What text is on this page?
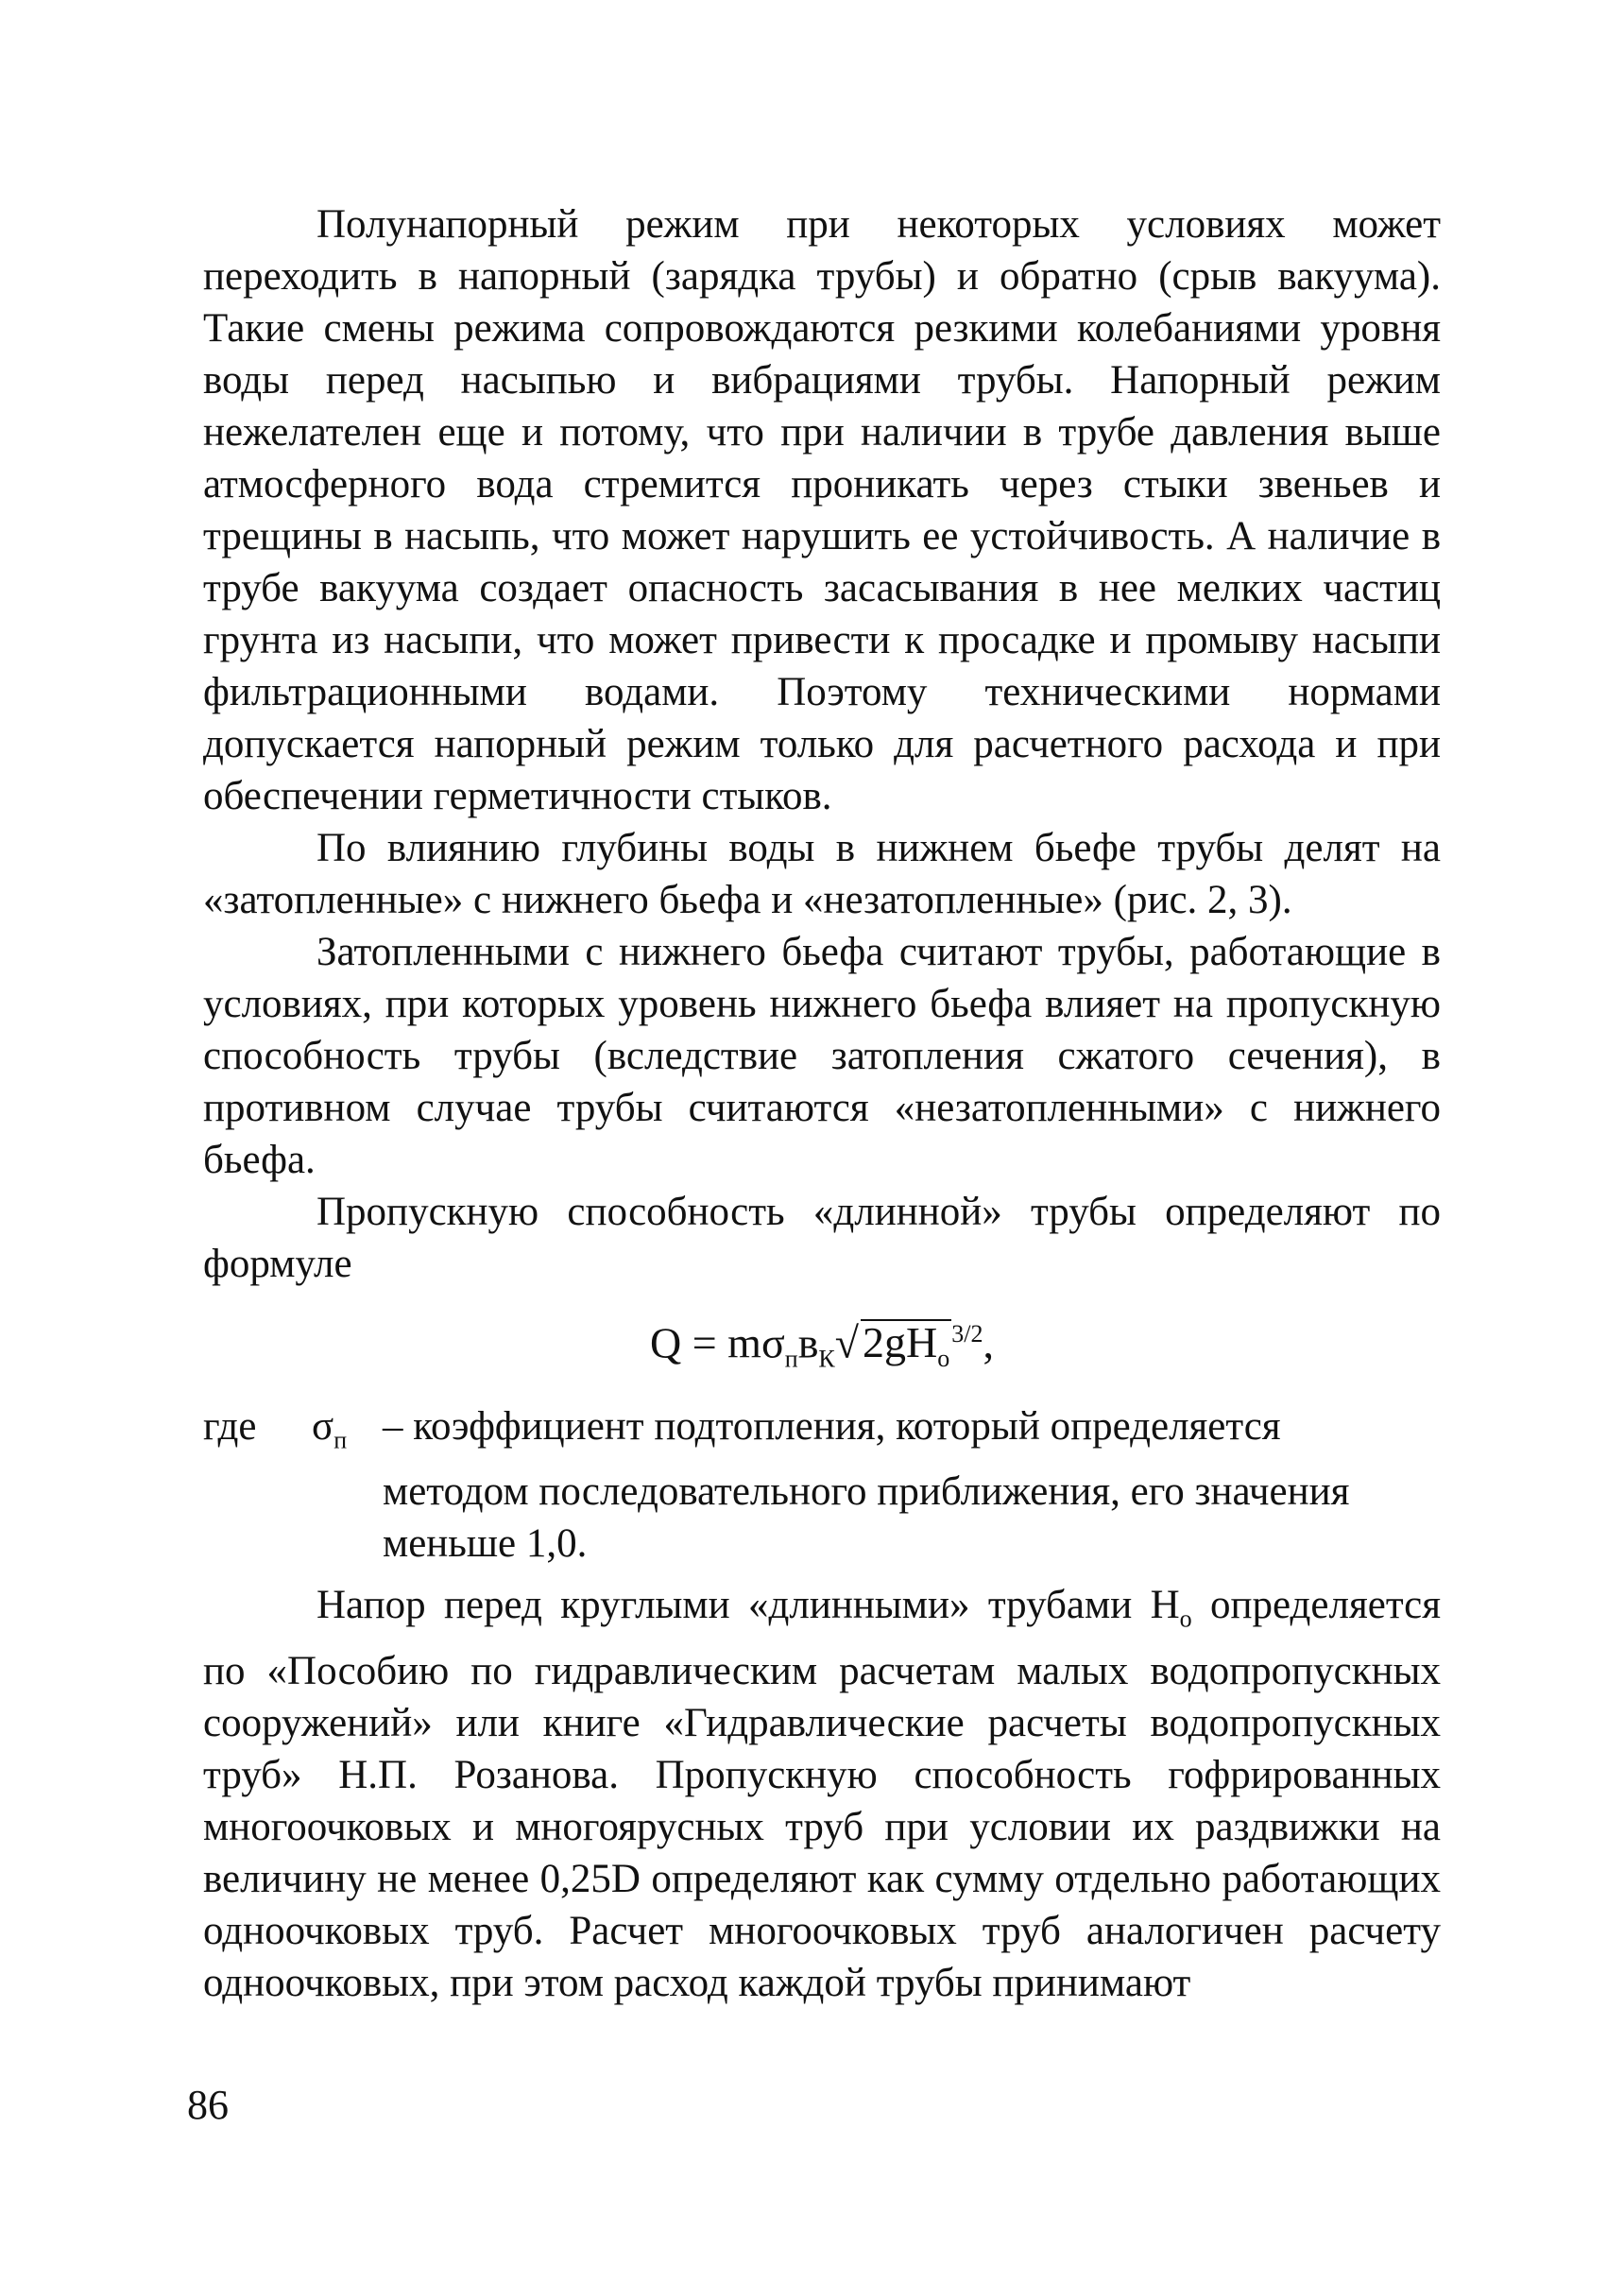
Полунапорный режим при некоторых условиях может переходить в напорный (зарядка трубы) и обратно (срыв вакуума). Такие смены режима сопровождаются резкими колебаниями уровня воды перед насыпью и вибрациями трубы. Напорный режим нежелателен еще и потому, что при наличии в трубе давления выше атмосферного вода стремится проникать через стыки звеньев и трещины в насыпь, что может нарушить ее устойчивость. А наличие в трубе вакуума создает опасность засасывания в нее мелких частиц грунта из насыпи, что может привести к просадке и промыву насыпи фильтрационными водами. Поэтому техническими нормами допускается напорный режим только для расчетного расхода и при обеспечении герметичности стыков.

По влиянию глубины воды в нижнем бьефе трубы делят на «затопленные» с нижнего бьефа и «незатопленные» (рис. 2, 3).

Затопленными с нижнего бьефа считают трубы, работающие в условиях, при которых уровень нижнего бьефа влияет на пропускную способность трубы (вследствие затопления сжатого сечения), в противном случае трубы считаются «незатопленными» с нижнего бьефа.

Пропускную способность «длинной» трубы определяют по формуле

$Q = m\sigma_пв_К√2gH_о^{3/2}$,
где	$\sigma_п$ – коэффициент подтопления, который определяется
методом последовательного приближения, его значения меньше 1,0.

Напор перед круглыми «длинными» трубами $H_о$ определяется по «Пособию по гидравлическим расчетам малых водопропускных сооружений» или книге «Гидравлические расчеты водопропускных труб» Н.П. Розанова. Пропускную способность гофрированных многоочковых и многоярусных труб при условии их раздвижки на величину не менее 0,25D определяют как сумму отдельно работающих одноочковых труб. Расчет многоочковых труб аналогичен расчету одноочковых, при этом расход каждой трубы принимают

86
